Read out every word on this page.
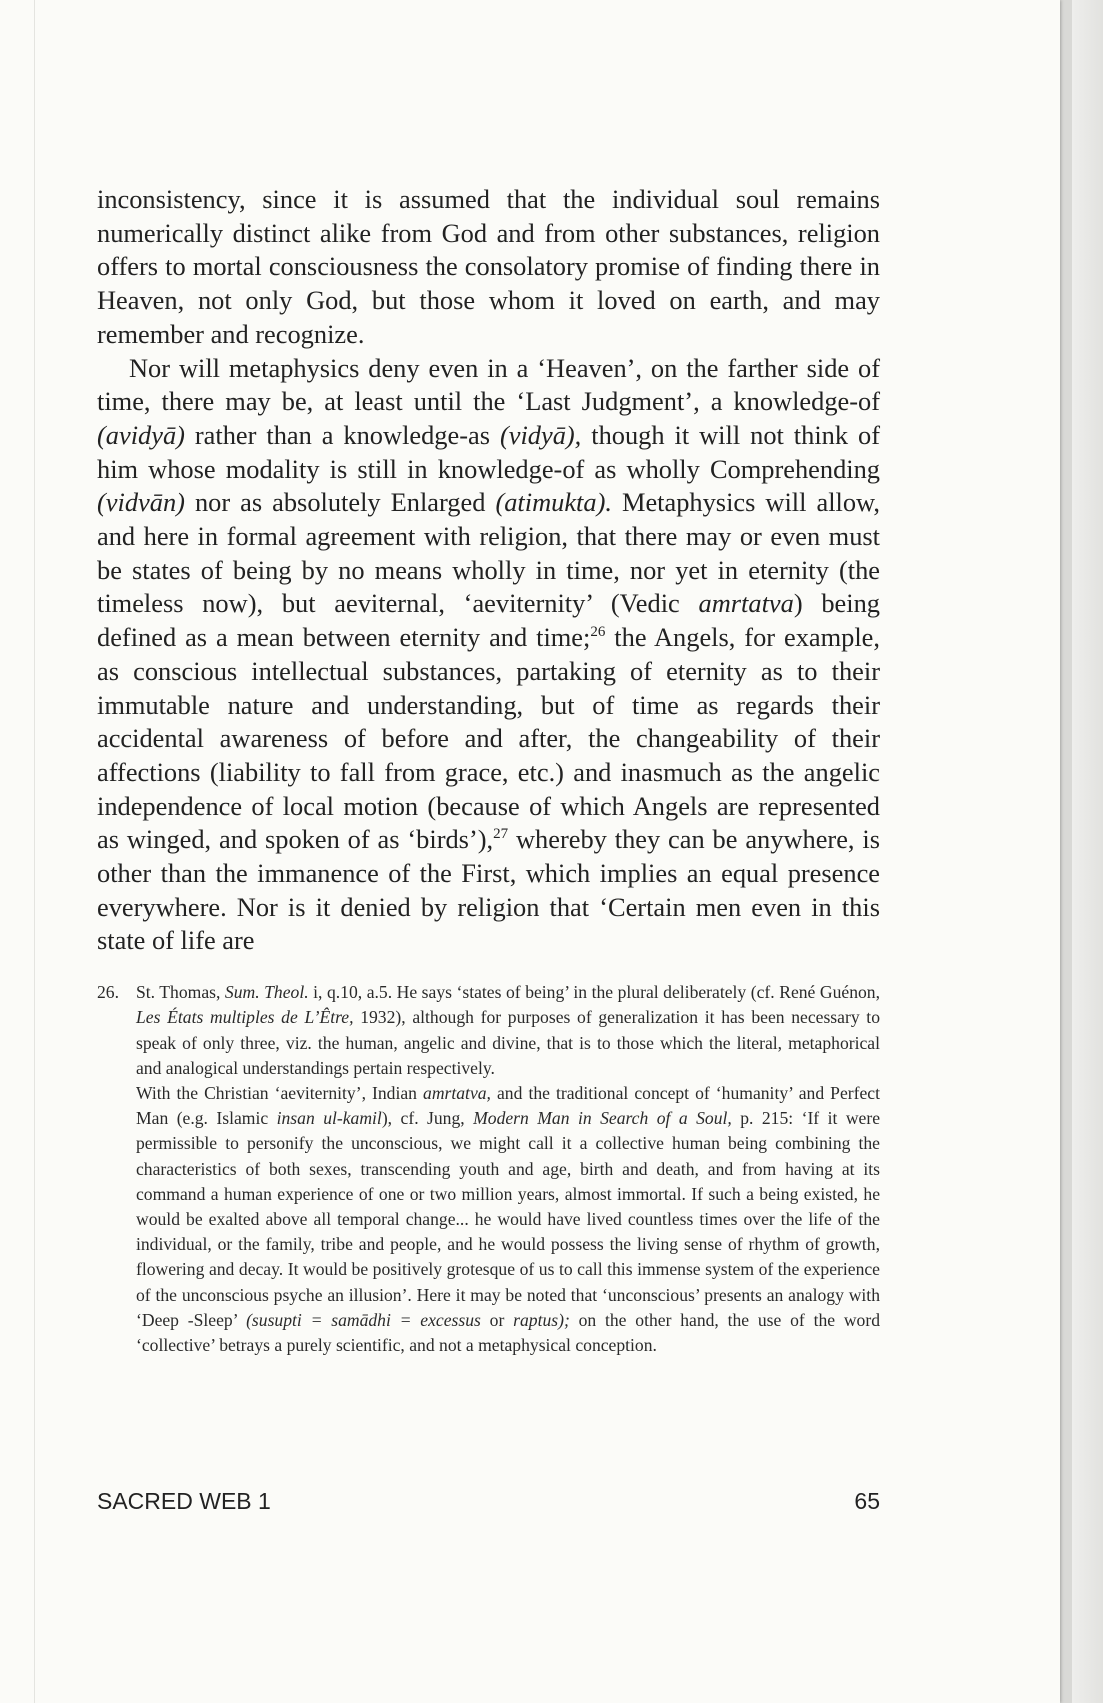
inconsistency, since it is assumed that the individual soul remains numerically distinct alike from God and from other substances, religion offers to mortal consciousness the consolatory promise of finding there in Heaven, not only God, but those whom it loved on earth, and may remember and recognize.

Nor will metaphysics deny even in a ‘Heaven’, on the farther side of time, there may be, at least until the ‘Last Judgment’, a knowledge-of (avidyā) rather than a knowledge-as (vidyā), though it will not think of him whose modality is still in knowledge-of as wholly Comprehending (vidvān) nor as absolutely Enlarged (atimukta). Metaphysics will allow, and here in formal agreement with religion, that there may or even must be states of being by no means wholly in time, nor yet in eternity (the timeless now), but aeviternal, ‘aeviternity’ (Vedic amrtatva) being defined as a mean between eternity and time;$^{26}$ the Angels, for example, as conscious intellectual substances, partaking of eternity as to their immutable nature and understanding, but of time as regards their accidental awareness of before and after, the changeability of their affections (liability to fall from grace, etc.) and inasmuch as the angelic independence of local motion (because of which Angels are represented as winged, and spoken of as ‘birds’),$^{27}$ whereby they can be anywhere, is other than the immanence of the First, which implies an equal presence everywhere. Nor is it denied by religion that ‘Certain men even in this state of life are

26. St. Thomas, Sum. Theol. i, q.10, a.5. He says ‘states of being’ in the plural deliberately (cf. René Guénon, Les États multiples de L’Être, 1932), although for purposes of generalization it has been necessary to speak of only three, viz. the human, angelic and divine, that is to those which the literal, metaphorical and analogical understandings pertain respectively.

With the Christian ‘aeviternity’, Indian amrtatva, and the traditional concept of ‘humanity’ and Perfect Man (e.g. Islamic insan ul-kamil), cf. Jung, Modern Man in Search of a Soul, p. 215: ‘If it were permissible to personify the unconscious, we might call it a collective human being combining the characteristics of both sexes, transcending youth and age, birth and death, and from having at its command a human experience of one or two million years, almost immortal. If such a being existed, he would be exalted above all temporal change... he would have lived countless times over the life of the individual, or the family, tribe and people, and he would possess the living sense of rhythm of growth, flowering and decay. It would be positively grotesque of us to call this immense system of the experience of the unconscious psyche an illusion’. Here it may be noted that ‘unconscious’ presents an analogy with ‘Deep -Sleep’ (susupti = samādhi = excessus or raptus); on the other hand, the use of the word ‘collective’ betrays a purely scientific, and not a metaphysical conception.

SACRED WEB 1	65
